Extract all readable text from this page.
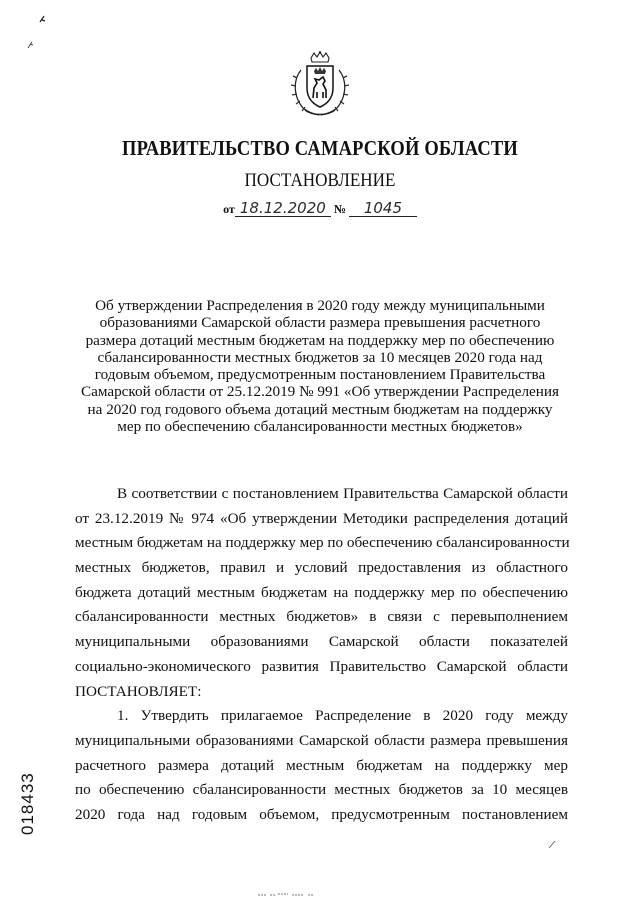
ПРАВИТЕЛЬСТВО САМАРСКОЙ ОБЛАСТИ
ПОСТАНОВЛЕНИЕ
от 18.12.2020 № 1045
Об утверждении Распределения в 2020 году между муниципальными
образованиями Самарской области размера превышения расчетного
размера дотаций местным бюджетам на поддержку мер по обеспечению
сбалансированности местных бюджетов за 10 месяцев 2020 года над
годовым объемом, предусмотренным постановлением Правительства
Самарской области от 25.12.2019 № 991 «Об утверждении Распределения
на 2020 год годового объема дотаций местным бюджетам на поддержку
мер по обеспечению сбалансированности местных бюджетов»
В соответствии с постановлением Правительства Самарской области
от 23.12.2019 № 974 «Об утверждении Методики распределения дотаций
местным бюджетам на поддержку мер по обеспечению сбалансированности
местных бюджетов, правил и условий предоставления из областного
бюджета дотаций местным бюджетам на поддержку мер по обеспечению
сбалансированности местных бюджетов» в связи с перевыполнением
муниципальными образованиями Самарской области показателей
социально-экономического развития Правительство Самарской области
ПОСТАНОВЛЯЕТ:
1. Утвердить прилагаемое Распределение в 2020 году между
муниципальными образованиями Самарской области размера превышения
расчетного размера дотаций местным бюджетам на поддержку мер
по обеспечению сбалансированности местных бюджетов за 10 месяцев
2020 года над годовым объемом, предусмотренным постановлением
018433
